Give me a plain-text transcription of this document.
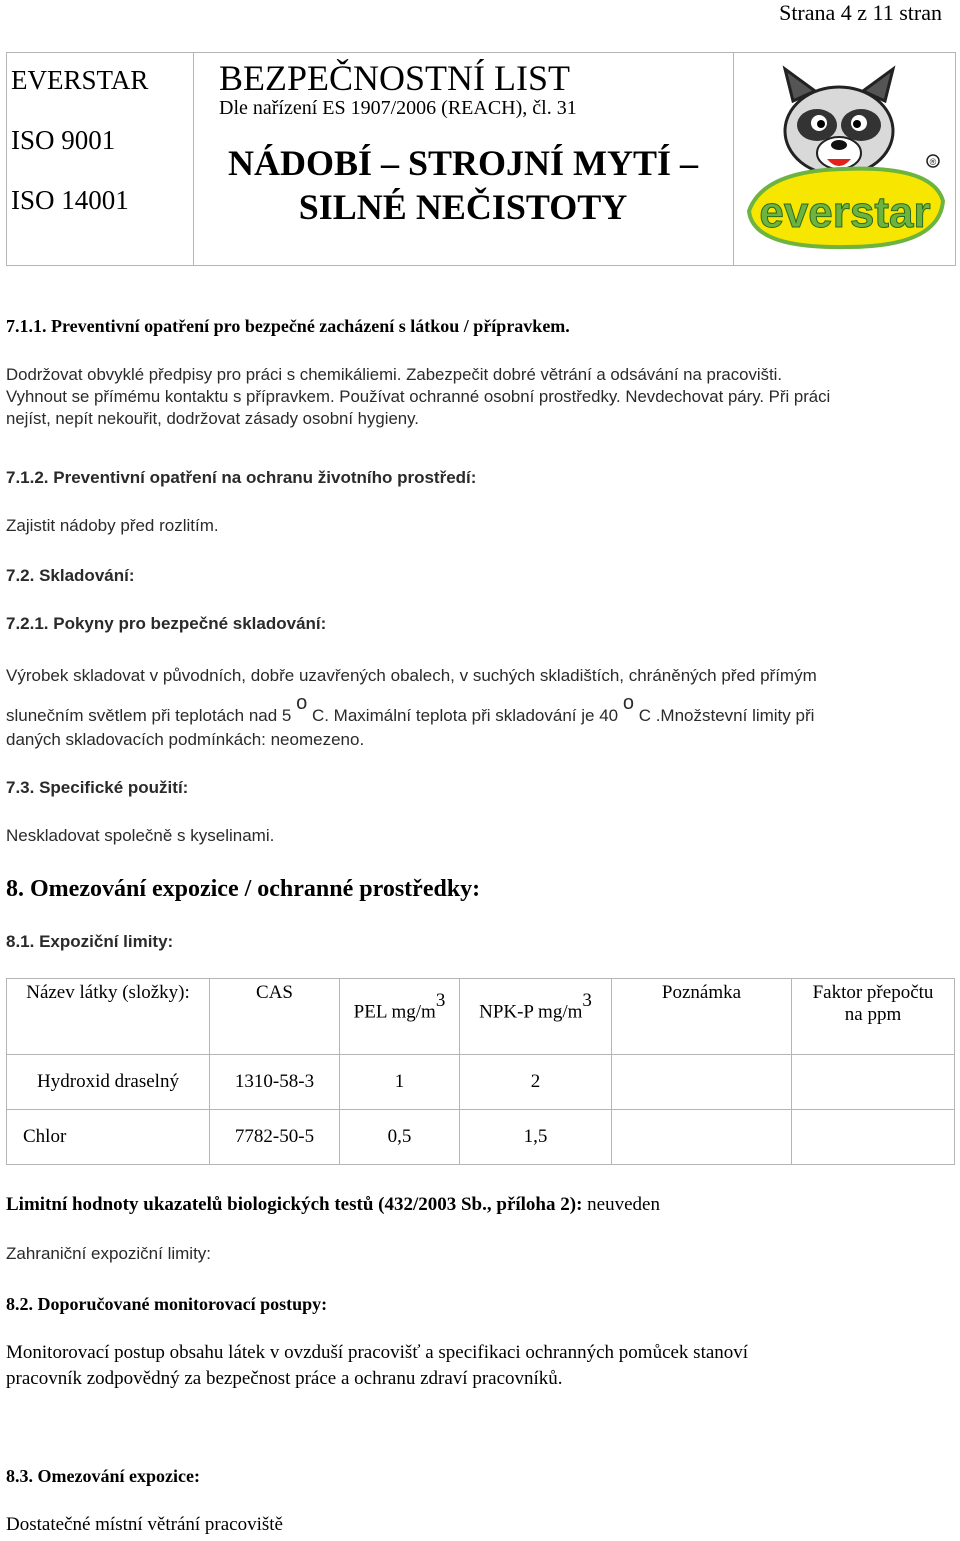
Strana 4 z 11 stran
EVERSTAR
ISO 9001
ISO 14001
BEZPEČNOSTNÍ LIST
Dle nařízení ES 1907/2006 (REACH), čl. 31
NÁDOBÍ – STROJNÍ MYTÍ –
SILNÉ NEČISTOTY	everstar
®
7.1.1. Preventivní opatření pro bezpečné zacházení s látkou / přípravkem.
Dodržovat obvyklé předpisy pro práci s chemikáliemi. Zabezpečit dobré větrání a odsávání na pracovišti.
Vyhnout se přímému kontaktu s přípravkem. Používat ochranné osobní prostředky. Nevdechovat páry. Při práci
nejíst, nepít nekouřit, dodržovat zásady osobní hygieny.
7.1.2. Preventivní opatření na ochranu životního prostředí:
Zajistit nádoby před rozlitím.
7.2. Skladování:
7.2.1. Pokyny pro bezpečné skladování:
Výrobek skladovat v původních, dobře uzavřených obalech, v suchých skladištích, chráněných před přímým
slunečním světlem při teplotách nad 5 $^o$ C. Maximální teplota při skladování je 40 $^o$ C .Množstevní limity při
daných skladovacích podmínkách: neomezeno.
7.3. Specifické použití:
Neskladovat společně s kyselinami.
8. Omezování expozice / ochranné prostředky:
8.1. Expoziční limity:
Název látky (složky):	CAS	PEL $mg/m^3$	NPK-P $mg/m^3$	Poznámka	Faktor přepočtu
na ppm

Hydroxid draselný	1310-58-3	1	2		
Chlor	7782-50-5	0,5	1,5		
Limitní hodnoty ukazatelů biologických testů (432/2003 Sb., příloha 2): neuveden
Zahraniční expoziční limity:
8.2. Doporučované monitorovací postupy:
Monitorovací postup obsahu látek v ovzduší pracovišť a specifikaci ochranných pomůcek stanoví
pracovník zodpovědný za bezpečnost práce a ochranu zdraví pracovníků.
8.3. Omezování expozice:
Dostatečné místní větrání pracoviště
